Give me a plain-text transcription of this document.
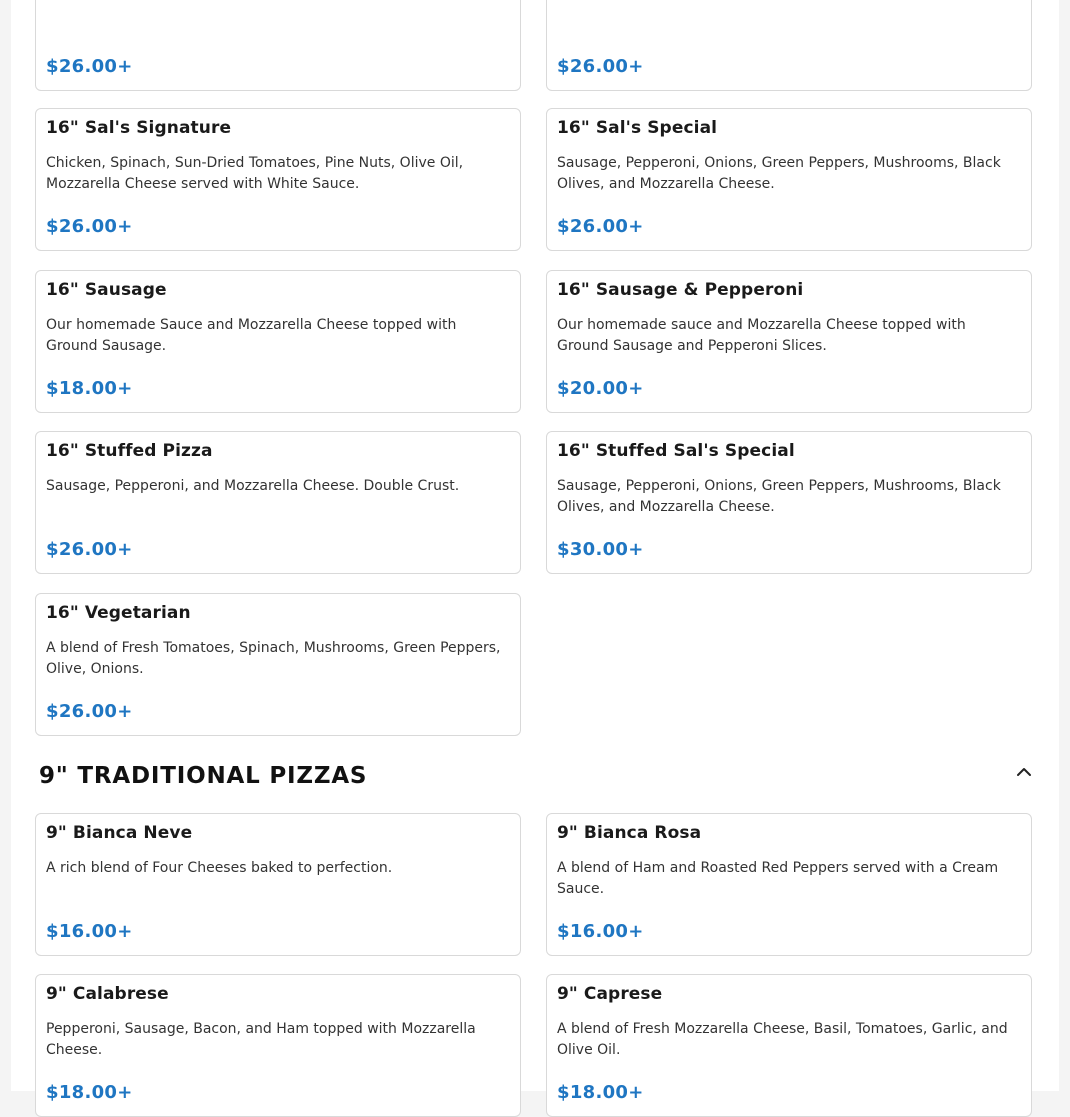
$26.00+	$26.00+
16" Sal's Signature
Chicken, Spinach, Sun-Dried Tomatoes, Pine Nuts, Olive Oil, Mozzarella Cheese served with White Sauce.
$26.00+
16" Sal's Special
Sausage, Pepperoni, Onions, Green Peppers, Mushrooms, Black Olives, and Mozzarella Cheese.
$26.00+
16" Sausage
Our homemade Sauce and Mozzarella Cheese topped with Ground Sausage.
$18.00+
16" Sausage & Pepperoni
Our homemade sauce and Mozzarella Cheese topped with Ground Sausage and Pepperoni Slices.
$20.00+
16" Stuffed Pizza
Sausage, Pepperoni, and Mozzarella Cheese. Double Crust.
$26.00+
16" Stuffed Sal's Special
Sausage, Pepperoni, Onions, Green Peppers, Mushrooms, Black Olives, and Mozzarella Cheese.
$30.00+
16" Vegetarian
A blend of Fresh Tomatoes, Spinach, Mushrooms, Green Peppers, Olive, Onions.
$26.00+
9" TRADITIONAL PIZZAS
9" Bianca Neve
A rich blend of Four Cheeses baked to perfection.
$16.00+
9" Bianca Rosa
A blend of Ham and Roasted Red Peppers served with a Cream Sauce.
$16.00+
9" Calabrese
Pepperoni, Sausage, Bacon, and Ham topped with Mozzarella Cheese.
$18.00+
9" Caprese
A blend of Fresh Mozzarella Cheese, Basil, Tomatoes, Garlic, and Olive Oil.
$18.00+
